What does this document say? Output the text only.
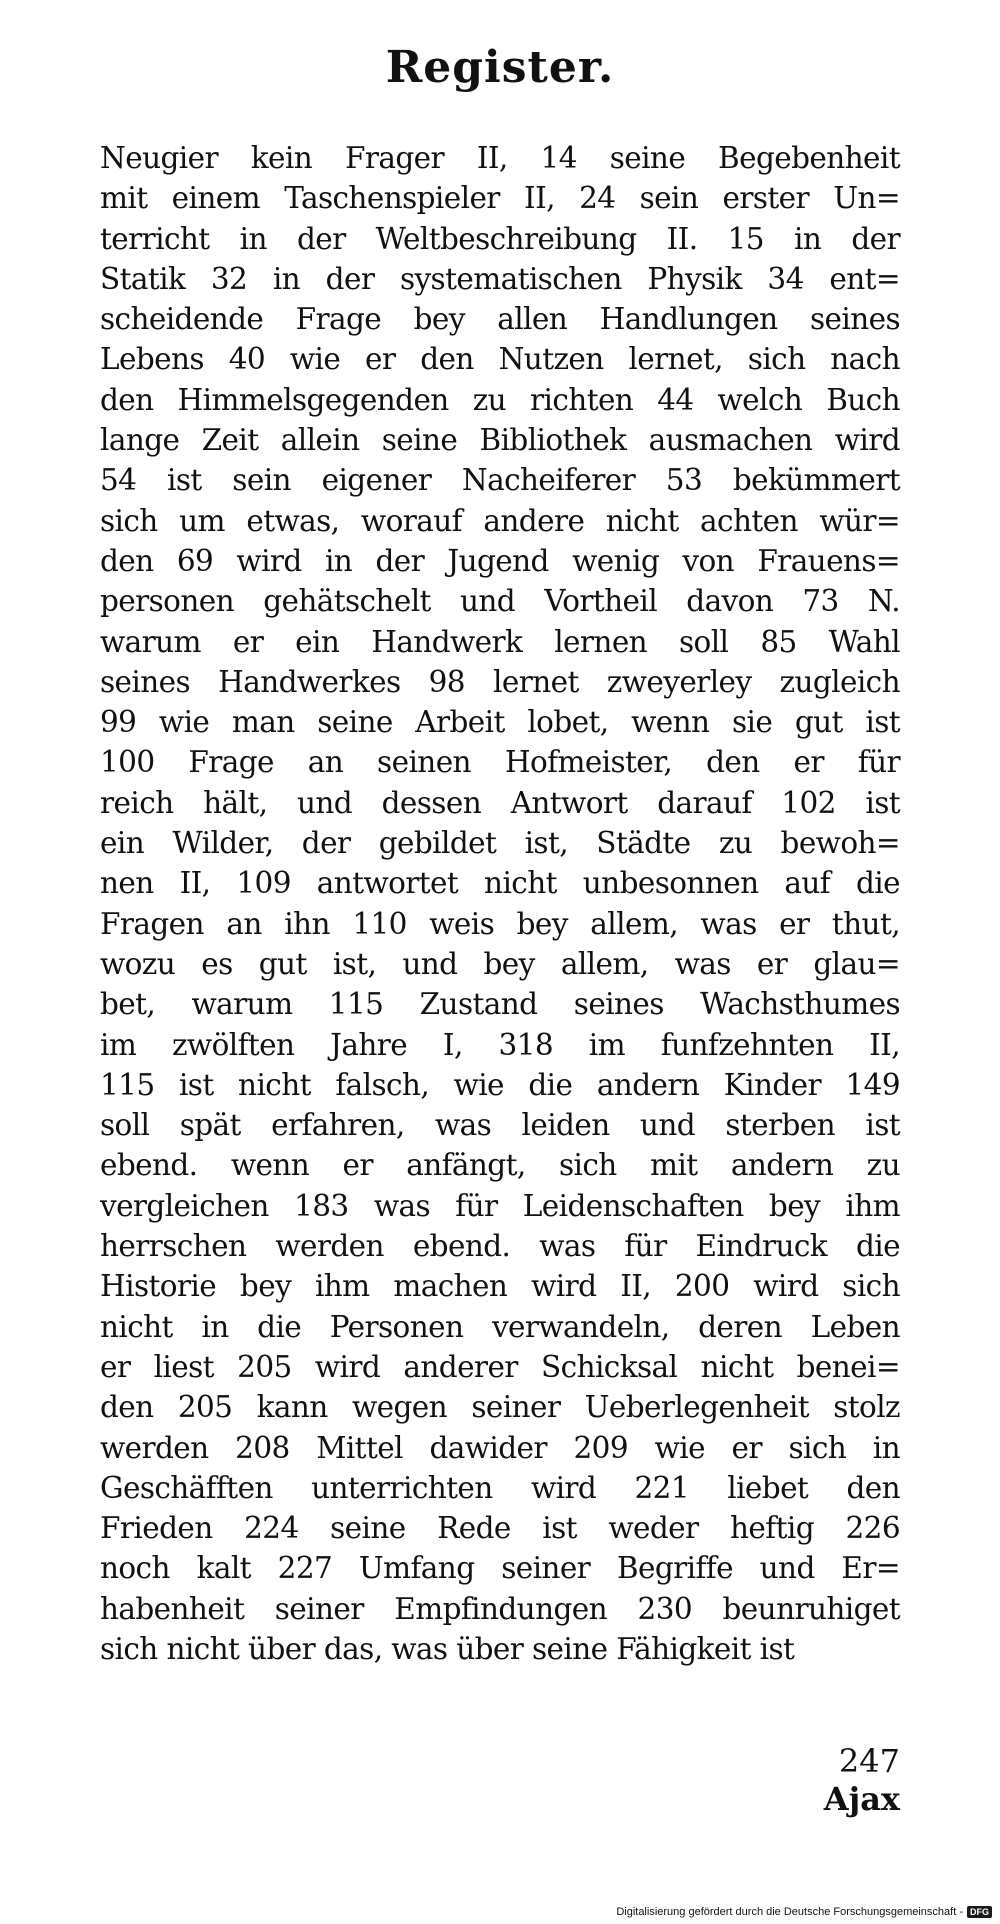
Register.
Neugier kein Frager II, 14 seine Begebenheit
mit einem Taschenspieler II, 24 sein erster Un=
terricht in der Weltbeschreibung II. 15 in der
Statik 32 in der systematischen Physik 34 ent=
scheidende Frage bey allen Handlungen seines
Lebens 40 wie er den Nutzen lernet, sich nach
den Himmelsgegenden zu richten 44 welch Buch
lange Zeit allein seine Bibliothek ausmachen wird
54 ist sein eigener Nacheiferer 53 bekümmert
sich um etwas, worauf andere nicht achten wür=
den 69 wird in der Jugend wenig von Frauens=
personen gehätschelt und Vortheil davon 73 N.
warum er ein Handwerk lernen soll 85 Wahl
seines Handwerkes 98 lernet zweyerley zugleich
99 wie man seine Arbeit lobet, wenn sie gut ist
100 Frage an seinen Hofmeister, den er für
reich hält, und dessen Antwort darauf 102 ist
ein Wilder, der gebildet ist, Städte zu bewoh=
nen II, 109 antwortet nicht unbesonnen auf die
Fragen an ihn 110 weis bey allem, was er thut,
wozu es gut ist, und bey allem, was er glau=
bet, warum 115 Zustand seines Wachsthumes
im zwölften Jahre I, 318 im funfzehnten II,
115 ist nicht falsch, wie die andern Kinder 149
soll spät erfahren, was leiden und sterben ist
ebend. wenn er anfängt, sich mit andern zu
vergleichen 183 was für Leidenschaften bey ihm
herrschen werden ebend. was für Eindruck die
Historie bey ihm machen wird II, 200 wird sich
nicht in die Personen verwandeln, deren Leben
er liest 205 wird anderer Schicksal nicht benei=
den 205 kann wegen seiner Ueberlegenheit stolz
werden 208 Mittel dawider 209 wie er sich in
Geschäfften unterrichten wird 221 liebet den
Frieden 224 seine Rede ist weder heftig 226
noch kalt 227 Umfang seiner Begriffe und Er=
habenheit seiner Empfindungen 230 beunruhiget
sich nicht über das, was über seine Fähigkeit ist
247
Ajax
Digitalisierung gefördert durch die Deutsche Forschungsgemeinschaft - DFG
